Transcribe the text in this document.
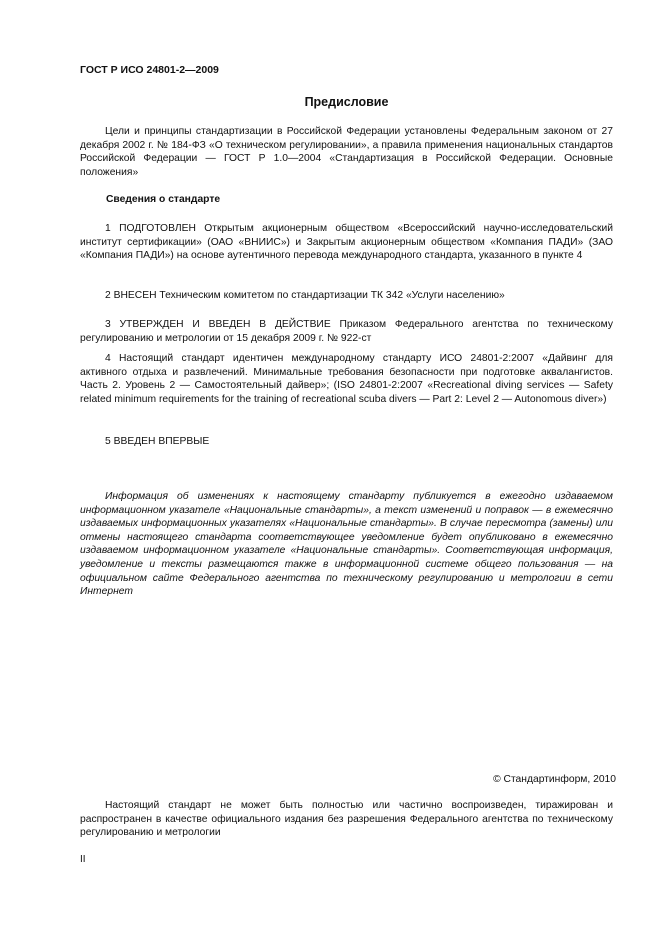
ГОСТ Р ИСО 24801-2—2009
Предисловие
Цели и принципы стандартизации в Российской Федерации установлены Федеральным законом от 27 декабря 2002 г. № 184-ФЗ «О техническом регулировании», а правила применения национальных стандартов Российской Федерации — ГОСТ Р 1.0—2004 «Стандартизация в Российской Федерации. Основные положения»
Сведения о стандарте
1 ПОДГОТОВЛЕН Открытым акционерным обществом «Всероссийский научно-исследовательский институт сертификации» (ОАО «ВНИИС») и Закрытым акционерным обществом «Компания ПАДИ» (ЗАО «Компания ПАДИ») на основе аутентичного перевода международного стандарта, указанного в пункте 4
2 ВНЕСЕН Техническим комитетом по стандартизации ТК 342 «Услуги населению»
3 УТВЕРЖДЕН И ВВЕДЕН В ДЕЙСТВИЕ Приказом Федерального агентства по техническому регулированию и метрологии от 15 декабря 2009 г. № 922-ст
4 Настоящий стандарт идентичен международному стандарту ИСО 24801-2:2007 «Дайвинг для активного отдыха и развлечений. Минимальные требования безопасности при подготовке аквалангистов. Часть 2. Уровень 2 — Самостоятельный дайвер»; (ISO 24801-2:2007 «Recreational diving services — Safety related minimum requirements for the training of recreational scuba divers — Part 2: Level 2 — Autonomous diver»)
5 ВВЕДЕН ВПЕРВЫЕ
Информация об изменениях к настоящему стандарту публикуется в ежегодно издаваемом информационном указателе «Национальные стандарты», а текст изменений и поправок — в ежемесячно издаваемых информационных указателях «Национальные стандарты». В случае пересмотра (замены) или отмены настоящего стандарта соответствующее уведомление будет опубликовано в ежемесячно издаваемом информационном указателе «Национальные стандарты». Соответствующая информация, уведомление и тексты размещаются также в информационной системе общего пользования — на официальном сайте Федерального агентства по техническому регулированию и метрологии в сети Интернет
© Стандартинформ, 2010
Настоящий стандарт не может быть полностью или частично воспроизведен, тиражирован и распространен в качестве официального издания без разрешения Федерального агентства по техническому регулированию и метрологии
II
